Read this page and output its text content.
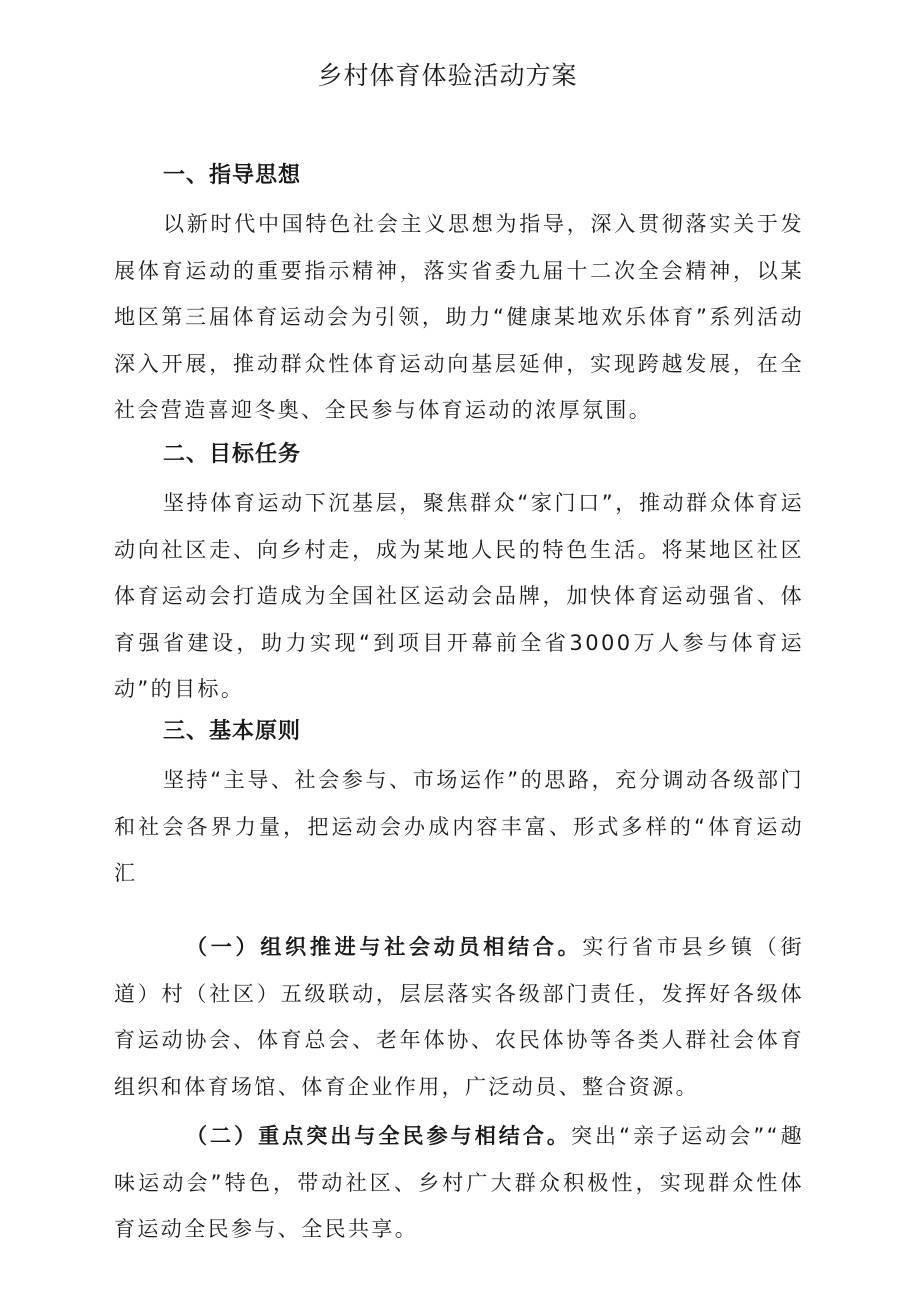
乡村体育体验活动方案
一、指导思想
以新时代中国特色社会主义思想为指导，深入贯彻落实关于发展体育运动的重要指示精神，落实省委九届十二次全会精神，以某地区第三届体育运动会为引领，助力“健康某地欢乐体育”系列活动深入开展，推动群众性体育运动向基层延伸，实现跨越发展，在全社会营造喜迎冬奥、全民参与体育运动的浓厚氛围。
二、目标任务
坚持体育运动下沉基层，聚焦群众“家门口”，推动群众体育运动向社区走、向乡村走，成为某地人民的特色生活。将某地区社区体育运动会打造成为全国社区运动会品牌，加快体育运动强省、体育强省建设，助力实现“到项目开幕前全省3000万人参与体育运动”的目标。
三、基本原则
坚持“主导、社会参与、市场运作”的思路，充分调动各级部门和社会各界力量，把运动会办成内容丰富、形式多样的“体育运动汇
（一）组织推进与社会动员相结合。实行省市县乡镇（街道）村（社区）五级联动，层层落实各级部门责任，发挥好各级体育运动协会、体育总会、老年体协、农民体协等各类人群社会体育组织和体育场馆、体育企业作用，广泛动员、整合资源。
（二）重点突出与全民参与相结合。突出“亲子运动会”“趣味运动会”特色，带动社区、乡村广大群众积极性，实现群众性体育运动全民参与、全民共享。
